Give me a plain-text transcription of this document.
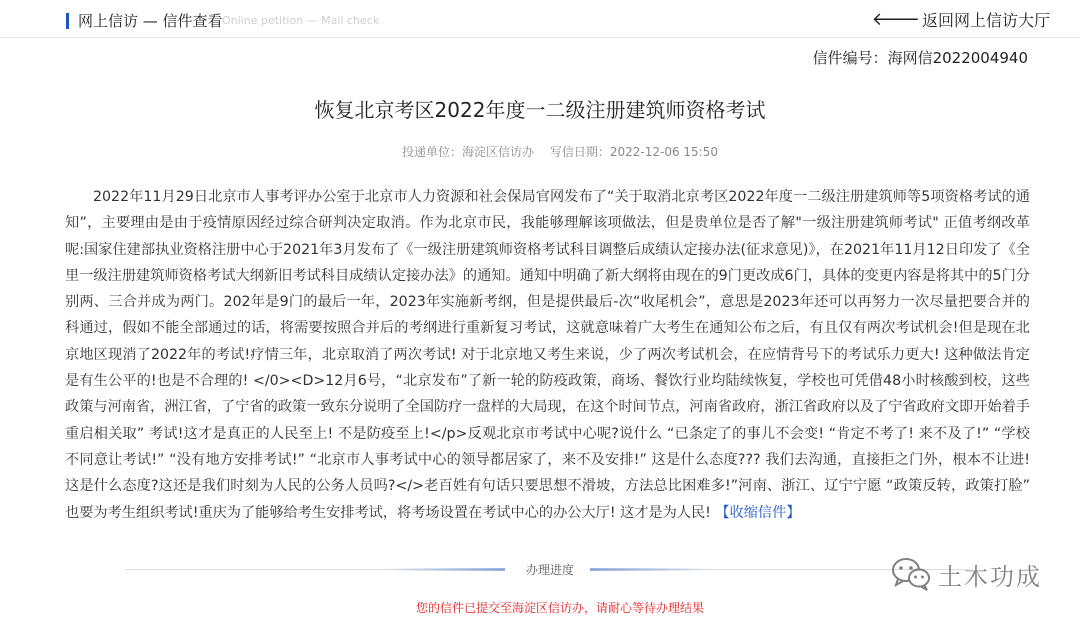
网上信访 — 信件查看 Online petition — Mail check	🡐 返回网上信访大厅
信件编号：海网信2022004940
恢复北京考区2022年度一二级注册建筑师资格考试
投递单位：海淀区信访办 写信日期：2022-12-06 15:50
2022年11月29日北京市人事考评办公室于北京市人力资源和社会保局官网发布了“关于取消北京考区2022年度一二级注册建筑师等5项资格考试的通知”，主要理由是由于疫情原因经过综合研判决定取消。作为北京市民，我能够理解该项做法，但是贵单位是否了解"一级注册建筑师考试" 正值考纲改革呢:国家住建部执业资格注册中心于2021年3月发布了《一级注册建筑师资格考试科目调整后成绩认定接办法(征求意见)》，在2021年11月12日印发了《全里一级注册建筑师资格考试大纲新旧考试科目成绩认定接办法》的通知。通知中明确了新大纲将由现在的9门更改成6门，具体的变更内容是将其中的5门分别两、三合并成为两门。202年是9门的最后一年，2023年实施新考纲，但是提供最后-次“收尾机会”，意思是2023年还可以再努力一次尽量把要合并的科通过，假如不能全部通过的话，将需要按照合并后的考纲进行重新复习考试，这就意味着广大考生在通知公布之后，有且仅有两次考试机会!但是现在北京地区现消了2022年的考试!疗情三年，北京取消了两次考试! 对于北京地又考生来说，少了两次考试机会，在应情背号下的考试乐力更大! 这种做法肯定是有生公平的!也是不合理的! </0><D>12月6号，“北京发布”了新一轮的防疫政策，商场、餐饮行业均陆续恢复，学校也可凭借48小时核酸到校，这些政策与河南省，洲江省，了宁省的政策一致东分说明了全国防疗一盘样的大局现，在这个时间节点，河南省政府，浙江省政府以及了宁省政府文即开始着手重启相关取” 考试!这才是真正的人民至上! 不是防疫至上!</p>反观北京市考试中心呢?说什么 “已条定了的事儿不会变! “肯定不考了! 来不及了!” “学校不同意让考试!” “没有地方安排考试!” “北京市人事考试中心的领导都居家了，来不及安排!” 这是什么态度??? 我们去沟通，直接拒之门外，根本不让进!这是什么态度?这还是我们时刻为人民的公务人员吗?</>老百姓有句话只要思想不滑坡，方法总比困难多!”河南、浙江、辽宁宁愿 “政策反转，政策打脸” 也要为考生组织考试!重庆为了能够给考生安排考试，将考场设置在考试中心的办公大厅! 这才是为人民! 【收缩信件】
办理进度
您的信件已提交至海淀区信访办，请耐心等待办理结果
土木功成
